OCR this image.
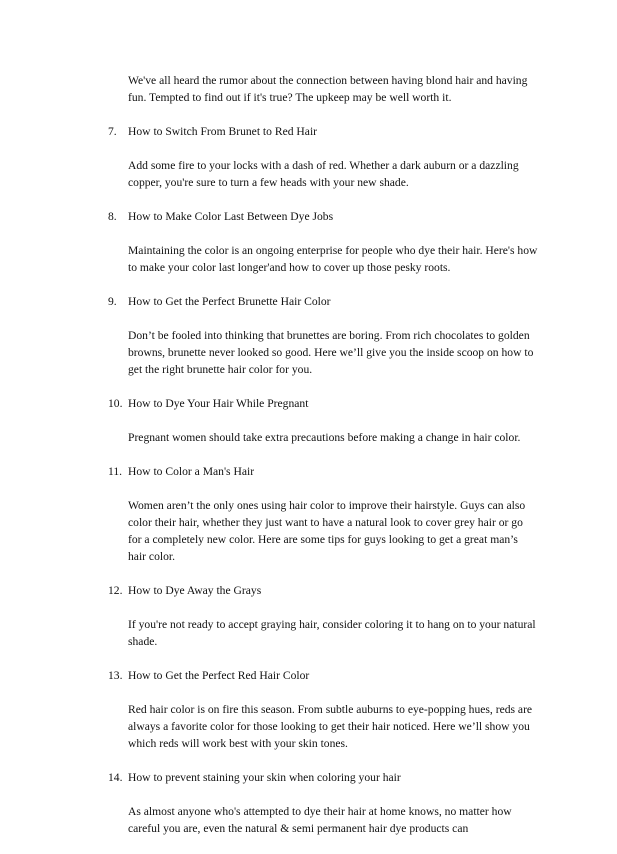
We've all heard the rumor about the connection between having blond hair and having fun. Tempted to find out if it's true? The upkeep may be well worth it.

7. How to Switch From Brunet to Red Hair

Add some fire to your locks with a dash of red. Whether a dark auburn or a dazzling copper, you're sure to turn a few heads with your new shade.

8. How to Make Color Last Between Dye Jobs

Maintaining the color is an ongoing enterprise for people who dye their hair. Here's how to make your color last longer'and how to cover up those pesky roots.

9. How to Get the Perfect Brunette Hair Color

Don’t be fooled into thinking that brunettes are boring. From rich chocolates to golden browns, brunette never looked so good. Here we’ll give you the inside scoop on how to get the right brunette hair color for you.

10. How to Dye Your Hair While Pregnant

Pregnant women should take extra precautions before making a change in hair color.

11. How to Color a Man's Hair

Women aren’t the only ones using hair color to improve their hairstyle. Guys can also color their hair, whether they just want to have a natural look to cover grey hair or go for a completely new color. Here are some tips for guys looking to get a great man’s hair color.

12. How to Dye Away the Grays

If you're not ready to accept graying hair, consider coloring it to hang on to your natural shade.

13. How to Get the Perfect Red Hair Color

Red hair color is on fire this season. From subtle auburns to eye-popping hues, reds are always a favorite color for those looking to get their hair noticed. Here we’ll show you which reds will work best with your skin tones.

14. How to prevent staining your skin when coloring your hair

As almost anyone who's attempted to dye their hair at home knows, no matter how careful you are, even the natural & semi permanent hair dye products can
